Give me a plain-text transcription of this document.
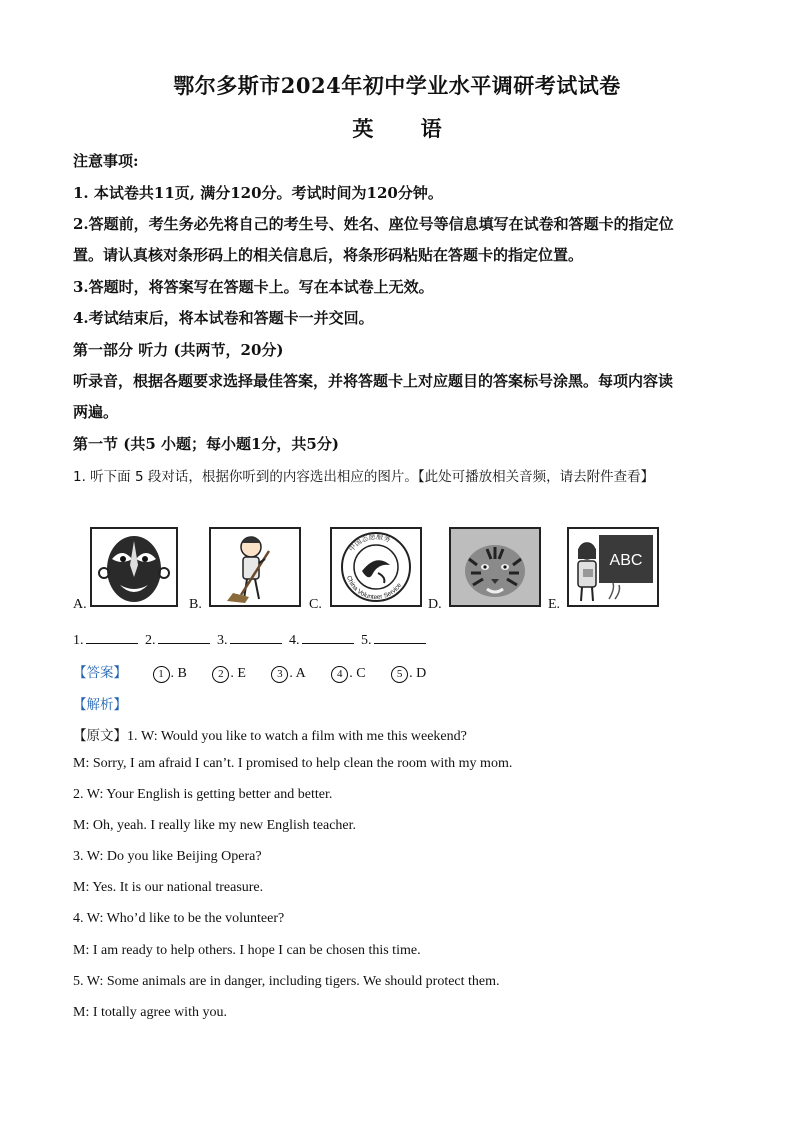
鄂尔多斯市2024年初中学业水平调研考试试卷
英 语
注意事项:
1. 本试卷共11页, 满分120分。考试时间为120分钟。
2.答题前，考生务必先将自己的考生号、姓名、座位号等信息填写在试卷和答题卡的指定位
置。请认真核对条形码上的相关信息后，将条形码粘贴在答题卡的指定位置。
3.答题时，将答案写在答题卡上。写在本试卷上无效。
4.考试结束后，将本试卷和答题卡一并交回。
第一部分 听力 (共两节，20分)
听录音，根据各题要求选择最佳答案，并将答题卡上对应题目的答案标号涂黑。每项内容读
两遍。
第一节 (共5 小题；每小题1分，共5分)
1. 听下面 5 段对话，根据你听到的内容选出相应的图片。【此处可播放相关音频，请去附件查看】
A.	B.	C.
中国志愿服务
China Volunteer Service
D.	E.
ABC
1.	2.	3.	4.	5.
【答案】	1 . B	2 . E	3 . A	4 . C	5 . D
【解析】
【原文】1. W: Would you like to watch a film with me this weekend?
M: Sorry, I am afraid I can’t. I promised to help clean the room with my mom.
2. W: Your English is getting better and better.
M: Oh, yeah. I really like my new English teacher.
3. W: Do you like Beijing Opera?
M: Yes. It is our national treasure.
4. W: Who’d like to be the volunteer?
M: I am ready to help others. I hope I can be chosen this time.
5. W: Some animals are in danger, including tigers. We should protect them.
M: I totally agree with you.
